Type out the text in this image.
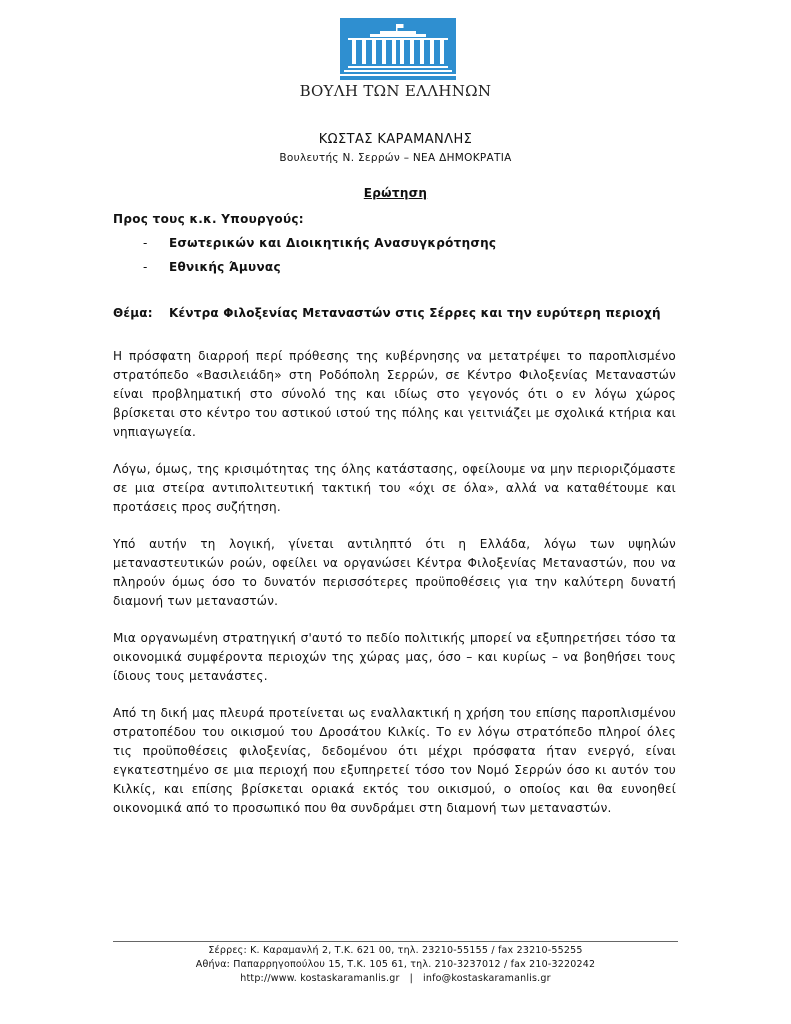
ΒΟΥΛΗ ΤΩΝ ΕΛΛΗΝΩΝ
ΚΩΣΤΑΣ ΚΑΡΑΜΑΝΛΗΣ
Βουλευτής Ν. Σερρών – ΝΕΑ ΔΗΜΟΚΡΑΤΙΑ
Ερώτηση
Προς τους κ.κ. Υπουργούς:
-	Εσωτερικών και Διοικητικής Ανασυγκρότησης
-	Εθνικής Άμυνας
Θέμα:	Κέντρα Φιλοξενίας Μεταναστών στις Σέρρες και την ευρύτερη περιοχή

Η πρόσφατη διαρροή περί πρόθεσης της κυβέρνησης να μετατρέψει το παροπλισμένο στρατόπεδο «Βασιλειάδη» στη Ροδόπολη Σερρών, σε Κέντρο Φιλοξενίας Μεταναστών είναι προβληματική στο σύνολό της και ιδίως στο γεγονός ότι ο εν λόγω χώρος βρίσκεται στο κέντρο του αστικού ιστού της πόλης και γειτνιάζει με σχολικά κτήρια και νηπιαγωγεία.

Λόγω, όμως, της κρισιμότητας της όλης κατάστασης, οφείλουμε να μην περιοριζόμαστε σε μια στείρα αντιπολιτευτική τακτική του «όχι σε όλα», αλλά να καταθέτουμε και προτάσεις προς συζήτηση.

Υπό αυτήν τη λογική, γίνεται αντιληπτό ότι η Ελλάδα, λόγω των υψηλών μεταναστευτικών ροών, οφείλει να οργανώσει Κέντρα Φιλοξενίας Μεταναστών, που να πληρούν όμως όσο το δυνατόν περισσότερες προϋποθέσεις για την καλύτερη δυνατή διαμονή των μεταναστών.

Μια οργανωμένη στρατηγική σ'αυτό το πεδίο πολιτικής μπορεί να εξυπηρετήσει τόσο τα οικονομικά συμφέροντα περιοχών της χώρας μας, όσο – και κυρίως – να βοηθήσει τους ίδιους τους μετανάστες.

Από τη δική μας πλευρά προτείνεται ως εναλλακτική η χρήση του επίσης παροπλισμένου στρατοπέδου του οικισμού του Δροσάτου Κιλκίς. Το εν λόγω στρατόπεδο πληροί όλες τις προϋποθέσεις φιλοξενίας, δεδομένου ότι μέχρι πρόσφατα ήταν ενεργό, είναι εγκατεστημένο σε μια περιοχή που εξυπηρετεί τόσο τον Νομό Σερρών όσο κι αυτόν του Κιλκίς, και επίσης βρίσκεται οριακά εκτός του οικισμού, ο οποίος και θα ευνοηθεί οικονομικά από το προσωπικό που θα συνδράμει στη διαμονή των μεταναστών.

Σέρρες: Κ. Καραμανλή 2, Τ.Κ. 621 00, τηλ. 23210-55155 / fax 23210-55255
Αθήνα: Παπαρρηγοπούλου 15, Τ.Κ. 105 61, τηλ. 210-3237012 / fax 210-3220242
http://www. kostaskaramanlis.gr | info@kostaskaramanlis.gr
